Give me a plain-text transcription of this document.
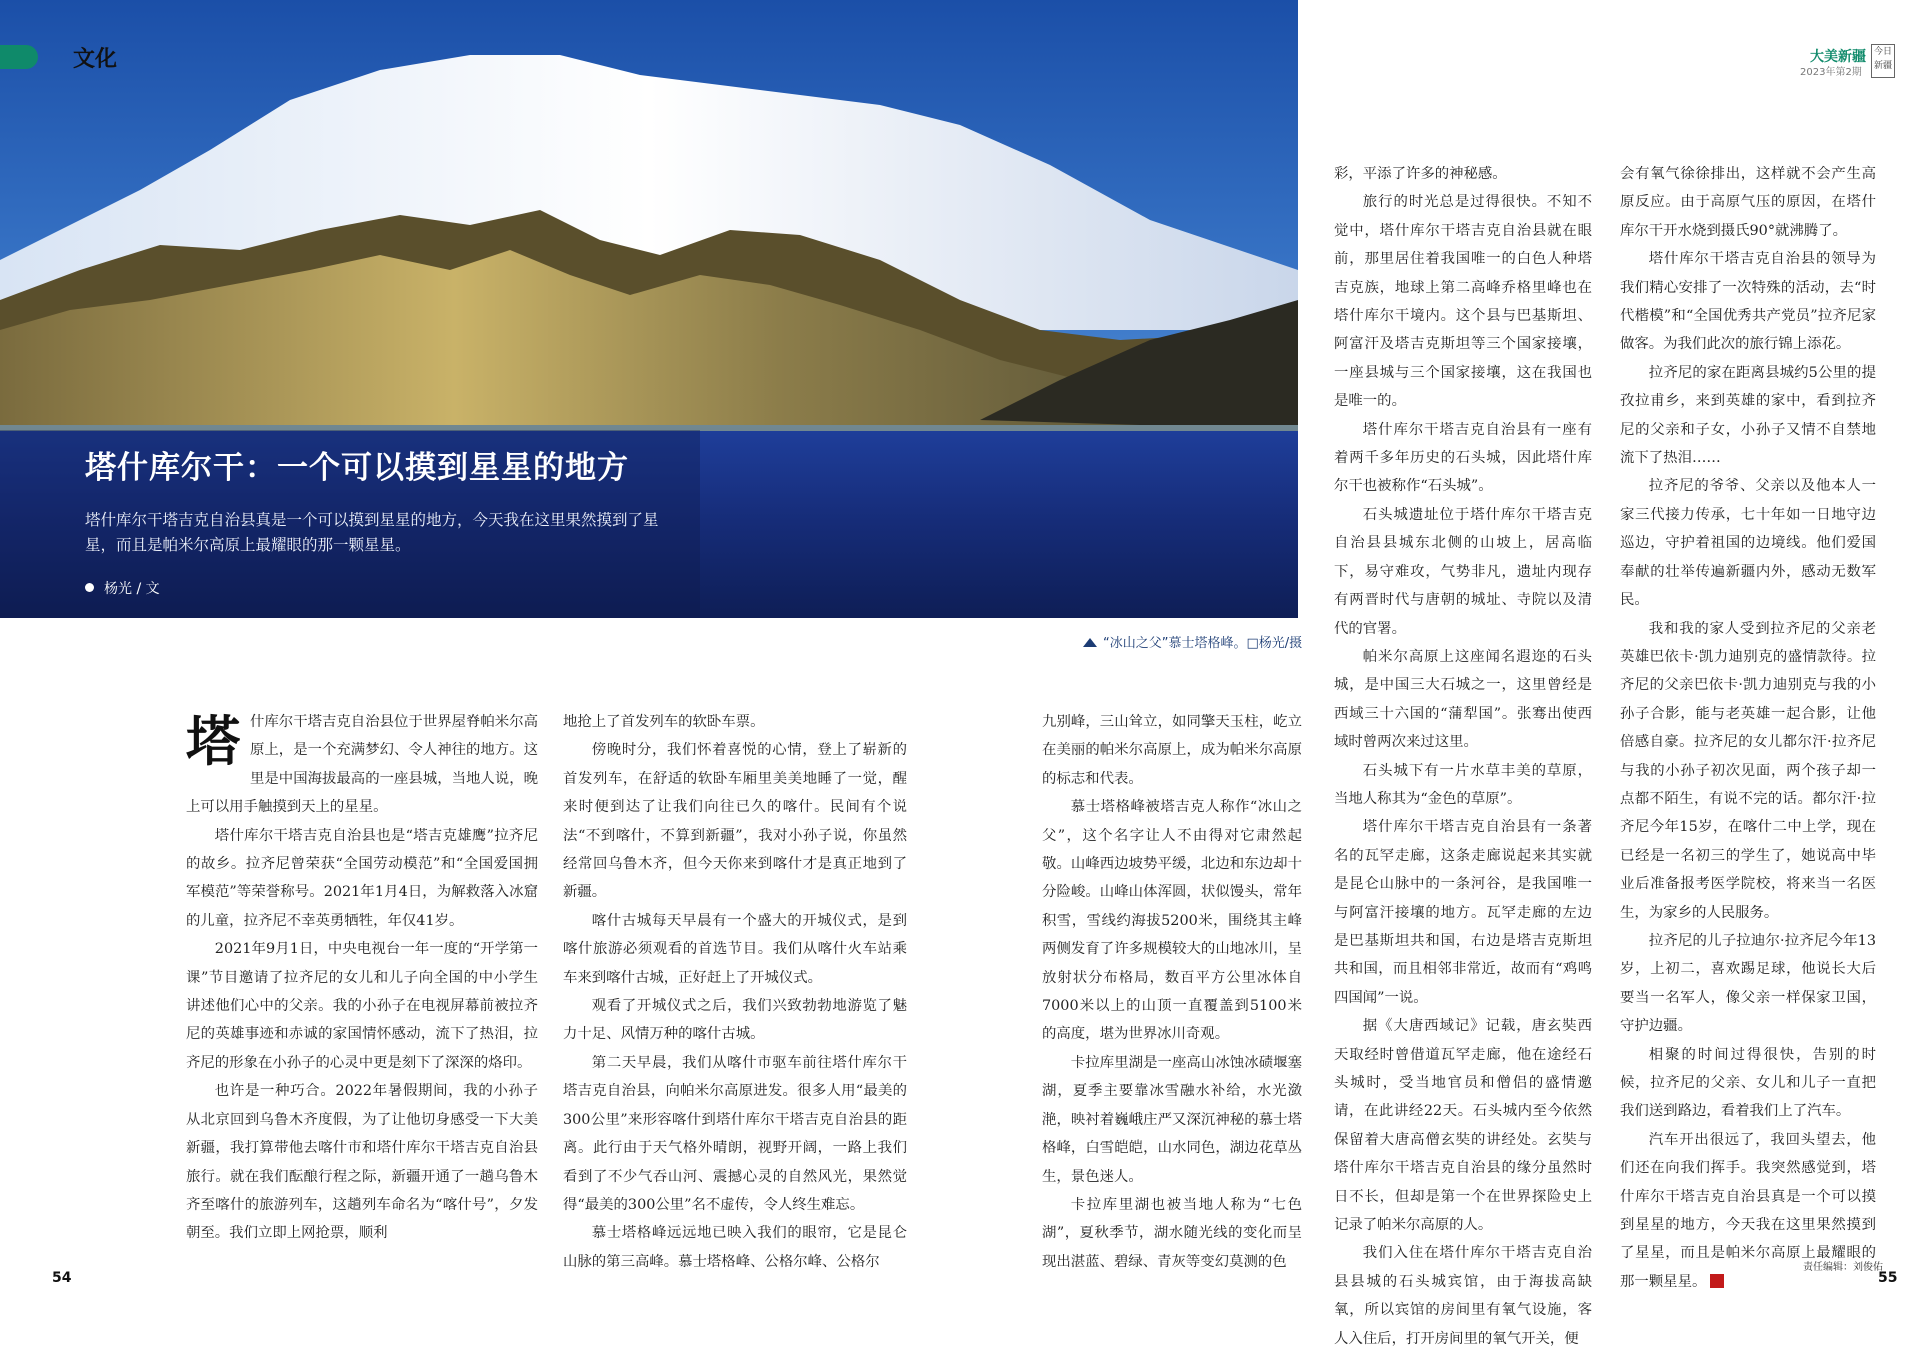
文化
塔什库尔干：一个可以摸到星星的地方
塔什库尔干塔吉克自治县真是一个可以摸到星星的地方，今天我在这里果然摸到了星星，而且是帕米尔高原上最耀眼的那一颗星星。
杨光 / 文
大美新疆
2023年第2期
今日新疆
“冰山之父”慕士塔格峰。□杨光/摄

塔什库尔干塔吉克自治县位于世界屋脊帕米尔高原上，是一个充满梦幻、令人神往的地方。这里是中国海拔最高的一座县城，当地人说，晚上可以用手触摸到天上的星星。

塔什库尔干塔吉克自治县也是“塔吉克雄鹰”拉齐尼的故乡。拉齐尼曾荣获“全国劳动模范”和“全国爱国拥军模范”等荣誉称号。2021年1月4日，为解救落入冰窟的儿童，拉齐尼不幸英勇牺牲，年仅41岁。

2021年9月1日，中央电视台一年一度的“开学第一课”节目邀请了拉齐尼的女儿和儿子向全国的中小学生讲述他们心中的父亲。我的小孙子在电视屏幕前被拉齐尼的英雄事迹和赤诚的家国情怀感动，流下了热泪，拉齐尼的形象在小孙子的心灵中更是刻下了深深的烙印。

也许是一种巧合。2022年暑假期间，我的小孙子从北京回到乌鲁木齐度假，为了让他切身感受一下大美新疆，我打算带他去喀什市和塔什库尔干塔吉克自治县旅行。就在我们酝酿行程之际，新疆开通了一趟乌鲁木齐至喀什的旅游列车，这趟列车命名为“喀什号”，夕发朝至。我们立即上网抢票，顺利

地抢上了首发列车的软卧车票。

傍晚时分，我们怀着喜悦的心情，登上了崭新的首发列车，在舒适的软卧车厢里美美地睡了一觉，醒来时便到达了让我们向往已久的喀什。民间有个说法“不到喀什，不算到新疆”，我对小孙子说，你虽然经常回乌鲁木齐，但今天你来到喀什才是真正地到了新疆。

喀什古城每天早晨有一个盛大的开城仪式，是到喀什旅游必须观看的首选节目。我们从喀什火车站乘车来到喀什古城，正好赶上了开城仪式。

观看了开城仪式之后，我们兴致勃勃地游览了魅力十足、风情万种的喀什古城。

第二天早晨，我们从喀什市驱车前往塔什库尔干塔吉克自治县，向帕米尔高原进发。很多人用“最美的300公里”来形容喀什到塔什库尔干塔吉克自治县的距离。此行由于天气格外晴朗，视野开阔，一路上我们看到了不少气吞山河、震撼心灵的自然风光，果然觉得“最美的300公里”名不虚传，令人终生难忘。

慕士塔格峰远远地已映入我们的眼帘，它是昆仑山脉的第三高峰。慕士塔格峰、公格尔峰、公格尔

九别峰，三山耸立，如同擎天玉柱，屹立在美丽的帕米尔高原上，成为帕米尔高原的标志和代表。

慕士塔格峰被塔吉克人称作“冰山之父”，这个名字让人不由得对它肃然起敬。山峰西边坡势平缓，北边和东边却十分险峻。山峰山体浑圆，状似馒头，常年积雪，雪线约海拔5200米，围绕其主峰两侧发育了许多规模较大的山地冰川，呈放射状分布格局，数百平方公里冰体自7000米以上的山顶一直覆盖到5100米的高度，堪为世界冰川奇观。

卡拉库里湖是一座高山冰蚀冰碛堰塞湖，夏季主要靠冰雪融水补给，水光潋滟，映衬着巍峨庄严又深沉神秘的慕士塔格峰，白雪皑皑，山水同色，湖边花草丛生，景色迷人。

卡拉库里湖也被当地人称为“七色湖”，夏秋季节，湖水随光线的变化而呈现出湛蓝、碧绿、青灰等变幻莫测的色

彩，平添了许多的神秘感。

旅行的时光总是过得很快。不知不觉中，塔什库尔干塔吉克自治县就在眼前，那里居住着我国唯一的白色人种塔吉克族，地球上第二高峰乔格里峰也在塔什库尔干境内。这个县与巴基斯坦、阿富汗及塔吉克斯坦等三个国家接壤，一座县城与三个国家接壤，这在我国也是唯一的。

塔什库尔干塔吉克自治县有一座有着两千多年历史的石头城，因此塔什库尔干也被称作“石头城”。

石头城遗址位于塔什库尔干塔吉克自治县县城东北侧的山坡上，居高临下，易守难攻，气势非凡，遗址内现存有两晋时代与唐朝的城址、寺院以及清代的官署。

帕米尔高原上这座闻名遐迩的石头城，是中国三大石城之一，这里曾经是西域三十六国的“蒲犁国”。张骞出使西域时曾两次来过这里。

石头城下有一片水草丰美的草原，当地人称其为“金色的草原”。

塔什库尔干塔吉克自治县有一条著名的瓦罕走廊，这条走廊说起来其实就是昆仑山脉中的一条河谷，是我国唯一与阿富汗接壤的地方。瓦罕走廊的左边是巴基斯坦共和国，右边是塔吉克斯坦共和国，而且相邻非常近，故而有“鸡鸣四国闻”一说。

据《大唐西域记》记载，唐玄奘西天取经时曾借道瓦罕走廊，他在途经石头城时，受当地官员和僧侣的盛情邀请，在此讲经22天。石头城内至今依然保留着大唐高僧玄奘的讲经处。玄奘与塔什库尔干塔吉克自治县的缘分虽然时日不长，但却是第一个在世界探险史上记录了帕米尔高原的人。

我们入住在塔什库尔干塔吉克自治县县城的石头城宾馆，由于海拔高缺氧，所以宾馆的房间里有氧气设施，客人入住后，打开房间里的氧气开关，便

会有氧气徐徐排出，这样就不会产生高原反应。由于高原气压的原因，在塔什库尔干开水烧到摄氏90°就沸腾了。

塔什库尔干塔吉克自治县的领导为我们精心安排了一次特殊的活动，去“时代楷模”和“全国优秀共产党员”拉齐尼家做客。为我们此次的旅行锦上添花。

拉齐尼的家在距离县城约5公里的提孜拉甫乡，来到英雄的家中，看到拉齐尼的父亲和子女，小孙子又情不自禁地流下了热泪……

拉齐尼的爷爷、父亲以及他本人一家三代接力传承，七十年如一日地守边巡边，守护着祖国的边境线。他们爱国奉献的壮举传遍新疆内外，感动无数军民。

我和我的家人受到拉齐尼的父亲老英雄巴依卡·凯力迪别克的盛情款待。拉齐尼的父亲巴依卡·凯力迪别克与我的小孙子合影，能与老英雄一起合影，让他倍感自豪。拉齐尼的女儿都尔汗·拉齐尼与我的小孙子初次见面，两个孩子却一点都不陌生，有说不完的话。都尔汗·拉齐尼今年15岁，在喀什二中上学，现在已经是一名初三的学生了，她说高中毕业后准备报考医学院校，将来当一名医生，为家乡的人民服务。

拉齐尼的儿子拉迪尔·拉齐尼今年13岁，上初二，喜欢踢足球，他说长大后要当一名军人，像父亲一样保家卫国，守护边疆。

相聚的时间过得很快，告别的时候，拉齐尼的父亲、女儿和儿子一直把我们送到路边，看着我们上了汽车。

汽车开出很远了，我回头望去，他们还在向我们挥手。我突然感觉到，塔什库尔干塔吉克自治县真是一个可以摸到星星的地方，今天我在这里果然摸到了星星，而且是帕米尔高原上最耀眼的那一颗星星。

54
责任编辑：刘俊佑
55
